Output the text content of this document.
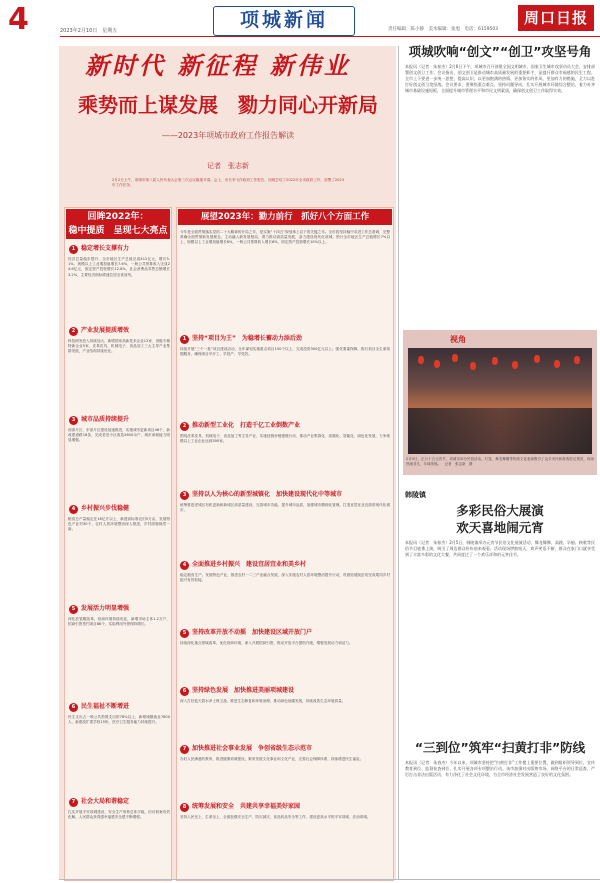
4	2023年2月10日　星期五	项城新闻	责任编辑：陈小静　美术编辑：张旭　电话：6159503
周口日报
新时代 新征程 新伟业
乘势而上谋发展　勠力同心开新局
——2023年项城市政府工作报告解读
记者　张志新
2月2日上午，项城市第八届人民代表大会第三次会议隆重开幕。会上，市长李飞作政府工作报告，回顾总结了2022年全市政府工作，部署了2023年工作任务。
回眸2022年：
稳中提质　呈现七大亮点
1 稳定增长支撑有力
经济总量稳步提升，全市地区生产总值完成412亿元，增长5.1%，规模以上工业增加值增长7.6%，一般公共预算收入完成24.6亿元，固定资产投资增长12.8%，社会消费品零售总额增长3.2%，主要经济指标增速位居全省前列。
2 产业发展提质增效
科技研发投入持续加大，新增国家高新技术企业12家、省级专精特新企业5家，皮革皮具、机械电子、食品加工三大主导产业集群发展，产业结构持续优化。
3 城市品质持续提升
西部片区、东部片区建设加速推进，实施城市更新项目46个，新改建道路18条，完成老旧小区改造2600余户，城市承载能力明显增强。
4 乡村振兴步伐稳健
粮食总产量稳定在16亿斤以上，新建高标准农田5万亩，发展特色产业村30个，农村人居环境整治深入推进，乡村面貌焕然一新。
5 发展活力明显增强
深化放管服改革，营商环境持续优化，新增市场主体1.2万户，招商引资签约项目86个，实际利用外资保持增长。
6 民生福祉不断增进
民生支出占一般公共预算支出的78%以上，新增城镇就业7800人，新建改扩建学校15所，医疗卫生服务能力持续提升。
7 社会大局和谐稳定
扎实开展平安项城建设，安全生产形势总体平稳，信访积案有效化解，人民群众获得感幸福感安全感不断增强。
展望2023年：勠力前行　抓好八个方面工作
今年是全面贯彻落实党的二十大精神的开局之年，是实施“十四五”规划承上启下的关键之年。全市将坚持稳中求进工作总基调，完整准确全面贯彻新发展理念，主动融入新发展格局，着力推动高质量发展，奋力建设现代化项城。预计全市地区生产总值增长7%以上，规模以上工业增加值增长8%，一般公共预算收入增长8%，固定资产投资增长10%以上。
1 坚持“项目为王”　为稳增长蓄动力添后劲
持续开展“三个一批”项目建设活动，全年谋划实施重点项目150个以上，完成投资300亿元以上。强化要素保障，推行项目全生命周期服务，确保项目早开工、早投产、早见效。
2 推动新型工业化　打造千亿工业倒数产业
围绕皮革皮具、机械电子、食品加工等主导产业，实施延链补链强链行动，推动产业集群化、高端化、智能化、绿色化发展，力争规模以上工业企业达到300家。
3 坚持以人为核心的新型城镇化　加快建设现代化中等城市
统筹推进老城区有机更新和新城区高质量建设，完善城市功能，提升城市品质，加强城市精细化管理，打造宜居宜业宜游的现代化城市。
4 全面推进乡村振兴　建设宜居宜业和美乡村
稳定粮食生产，发展特色产业，推进农村一二三产业融合发展，深入实施农村人居环境整治提升行动，巩固拓展脱贫攻坚成果同乡村振兴有效衔接。
5 坚持改革开放不动摇　加快建设区域开放门户
持续深化重点领域改革，优化营商环境，深入开展招商引资，推动开放平台提档升级，增强发展动力和活力。
6 坚持绿色发展　加快推进美丽项城建设
深入打好蓝天碧水净土保卫战，推进生态修复和环境治理，推动绿色低碳发展，持续改善生态环境质量。
7 加快推进社会事业发展　争创省级生态示范市
办好人民满意的教育，推进健康项城建设，繁荣发展文化事业和文化产业，完善社会保障体系，持续增进民生福祉。
8 统筹发展和安全　共建共享幸福美好家园
坚持人民至上、生命至上，全面加强安全生产、防灾减灾、食品药品安全等工作，建设更高水平的平安项城、法治项城。
项城吹响“创文”“创卫”攻坚号角
本报讯（记者　朱春杰）2月6日下午，项城市召开创建全国文明城市、国家卫生城市攻坚动员大会，安排部署创文创卫工作。会议指出，创文创卫是推动城市高质量发展的重要抓手，是提升群众幸福感的民生工程。全市上下要进一步统一思想，提高认识，以更加饱满的热情、更加务实的作风、更加有力的措施，全力以赴打好创文创卫攻坚战。会议要求，要聚焦重点难点，坚持问题导向，扎实开展城市环境综合整治，着力补齐城市基础设施短板，全面提升城市管理水平和市民文明素质，确保创文创卫工作取得实效。
视角
2月5日，正月十五元宵节，项城市举办民俗活动。灯笼、舞龙舞狮等传统文化表演吸引了众多市民和游客驻足观赏，现场热闹非凡，年味浓郁。　记者　张志新　摄
韩陵镇
多彩民俗大展演
欢天喜地闹元宵
本报讯（记者　朱春杰）2月5日，韩陵镇举办元宵节民俗文化展演活动，舞龙舞狮、高跷、旱船、秧歌等民俗节目轮番上演，吸引了周边群众纷纷前来观看。活动现场锣鼓喧天，欢声笑语不断，群众在家门口就享受到了丰富多彩的文化大餐，共同度过了一个欢乐祥和的元宵佳节。
“三到位”筑牢“扫黄打非”防线
本报讯（记者　朱春杰）今年以来，项城市坚持把“扫黄打非”工作摆上重要位置，做到组织领导到位、宣传教育到位、监督检查到位，扎实开展各项专项整治行动。该市加强对出版物市场、网络平台的日常巡查，严厉打击非法出版活动，有力净化了社会文化环境，为全市经济社会发展营造了良好的文化氛围。
